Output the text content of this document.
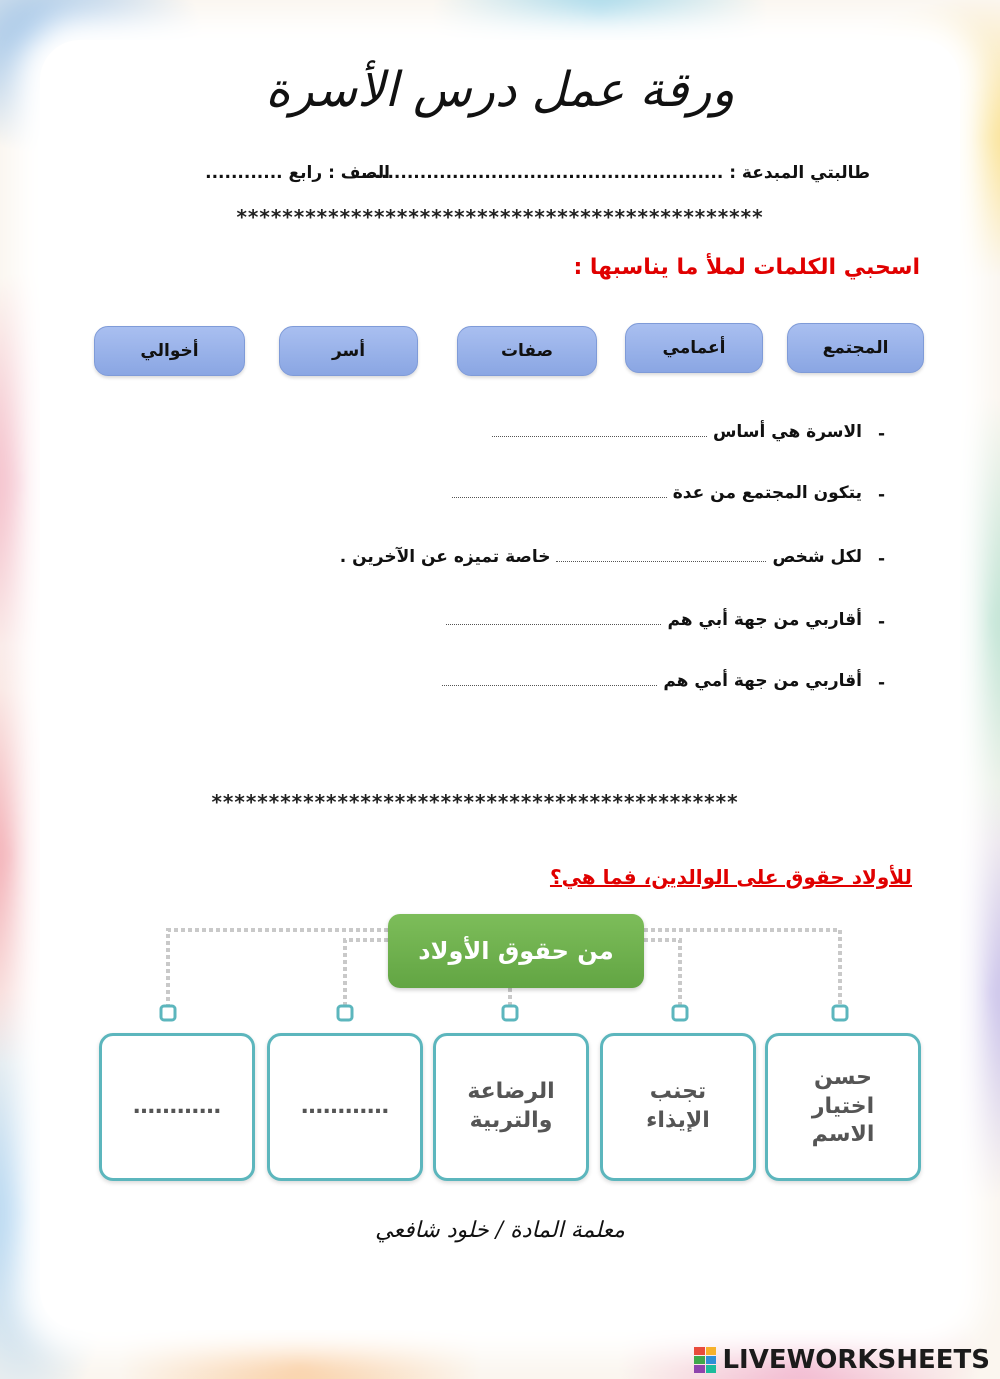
ورقة عمل درس الأسرة
طالبتي المبدعة : ........................................................
الصف : رابع ............
**********************************************
اسحبي الكلمات لملأ ما يناسبها :
المجتمع
أعمامي
صفات
أسر
أخوالي
-
الاسرة هي أساس
-
يتكون المجتمع من عدة
-
لكل شخصخاصة تميزه عن الآخرين .
-
أقاربي من جهة أبي هم
-
أقاربي من جهة أمي هم
**********************************************
للأولاد حقوق على الوالدين، فما هي؟
من حقوق الأولاد
حسن
اختيار
الاسم
تجنب
الإيذاء
الرضاعة
والتربية
…………
…………
معلمة المادة / خلود شافعي
LIVEWORKSHEETS
